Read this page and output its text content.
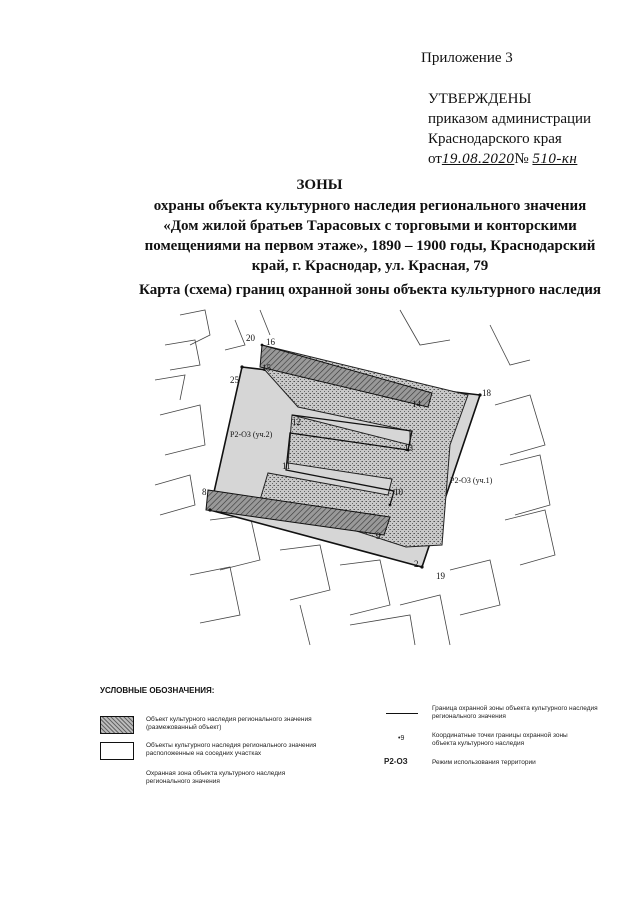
Приложение 3
УТВЕРЖДЕНЫ
приказом администрации
Краснодарского края
от19.08.2020№ 510-кн
ЗОНЫ
охраны объекта культурного наследия регионального значения
«Дом жилой братьев Тарасовых с торговыми и конторскими
помещениями на первом этаже», 1890 – 1900 годы, Краснодарский
край, г. Краснодар, ул. Красная, 79
Карта (схема) границ охранной зоны объекта культурного наследия
20 16
15
25
18
14
12
13
11
10
8
9
2
19
Р2-ОЗ (уч.2)
Р2-ОЗ (уч.1)
УСЛОВНЫЕ ОБОЗНАЧЕНИЯ:
Объект культурного наследия регионального значения
(размежованный объект)
Объекты культурного наследия регионального значения
расположенные на соседних участках
Охранная зона объекта культурного наследия
регионального значения
Граница охранной зоны объекта культурного наследия
регионального значения
•9	Координатные точки границы охранной зоны
объекта культурного наследия
Р2-ОЗ	Режим использования территории
